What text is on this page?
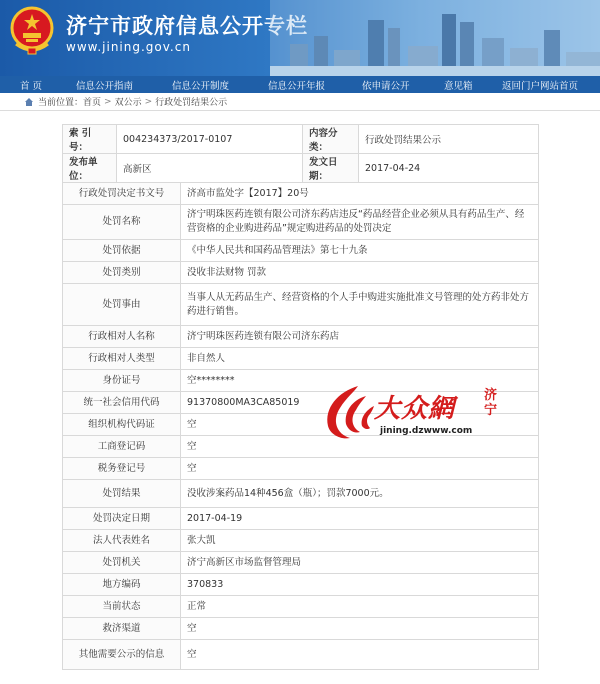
济宁市政府信息公开专栏
www.jining.gov.cn
首 页	信息公开指南	信息公开制度	信息公开年报	依申请公开	意见箱	返回门户网站首页
当前位置： 首页 > 双公示 > 行政处罚结果公示
索 引 号：	004234373/2017-0107	内容分类：	行政处罚结果公示
发布单位：	高新区	发文日期：	2017-04-24
行政处罚决定书文号	济高市监处字【2017】20号
处罚名称	济宁明珠医药连锁有限公司济东药店违反“药品经营企业必须从具有药品生产、经营资格的企业购进药品”规定购进药品的处罚决定
处罚依据	《中华人民共和国药品管理法》第七十九条
处罚类别	没收非法财物 罚款
处罚事由	当事人从无药品生产、经营资格的个人手中购进实施批准文号管理的处方药非处方药进行销售。
行政相对人名称	济宁明珠医药连锁有限公司济东药店
行政相对人类型	非自然人
身份证号	空********
统一社会信用代码	91370800MA3CA85019
组织机构代码证	空
工商登记码	空
税务登记号	空
处罚结果	没收涉案药品14种456盒（瓶）；罚款7000元。
处罚决定日期	2017-04-19
法人代表姓名	张大凯
处罚机关	济宁高新区市场监督管理局
地方编码	370833
当前状态	正常
救济渠道	空
其他需要公示的信息	空
大众網 济宁
jining.dzwww.com
